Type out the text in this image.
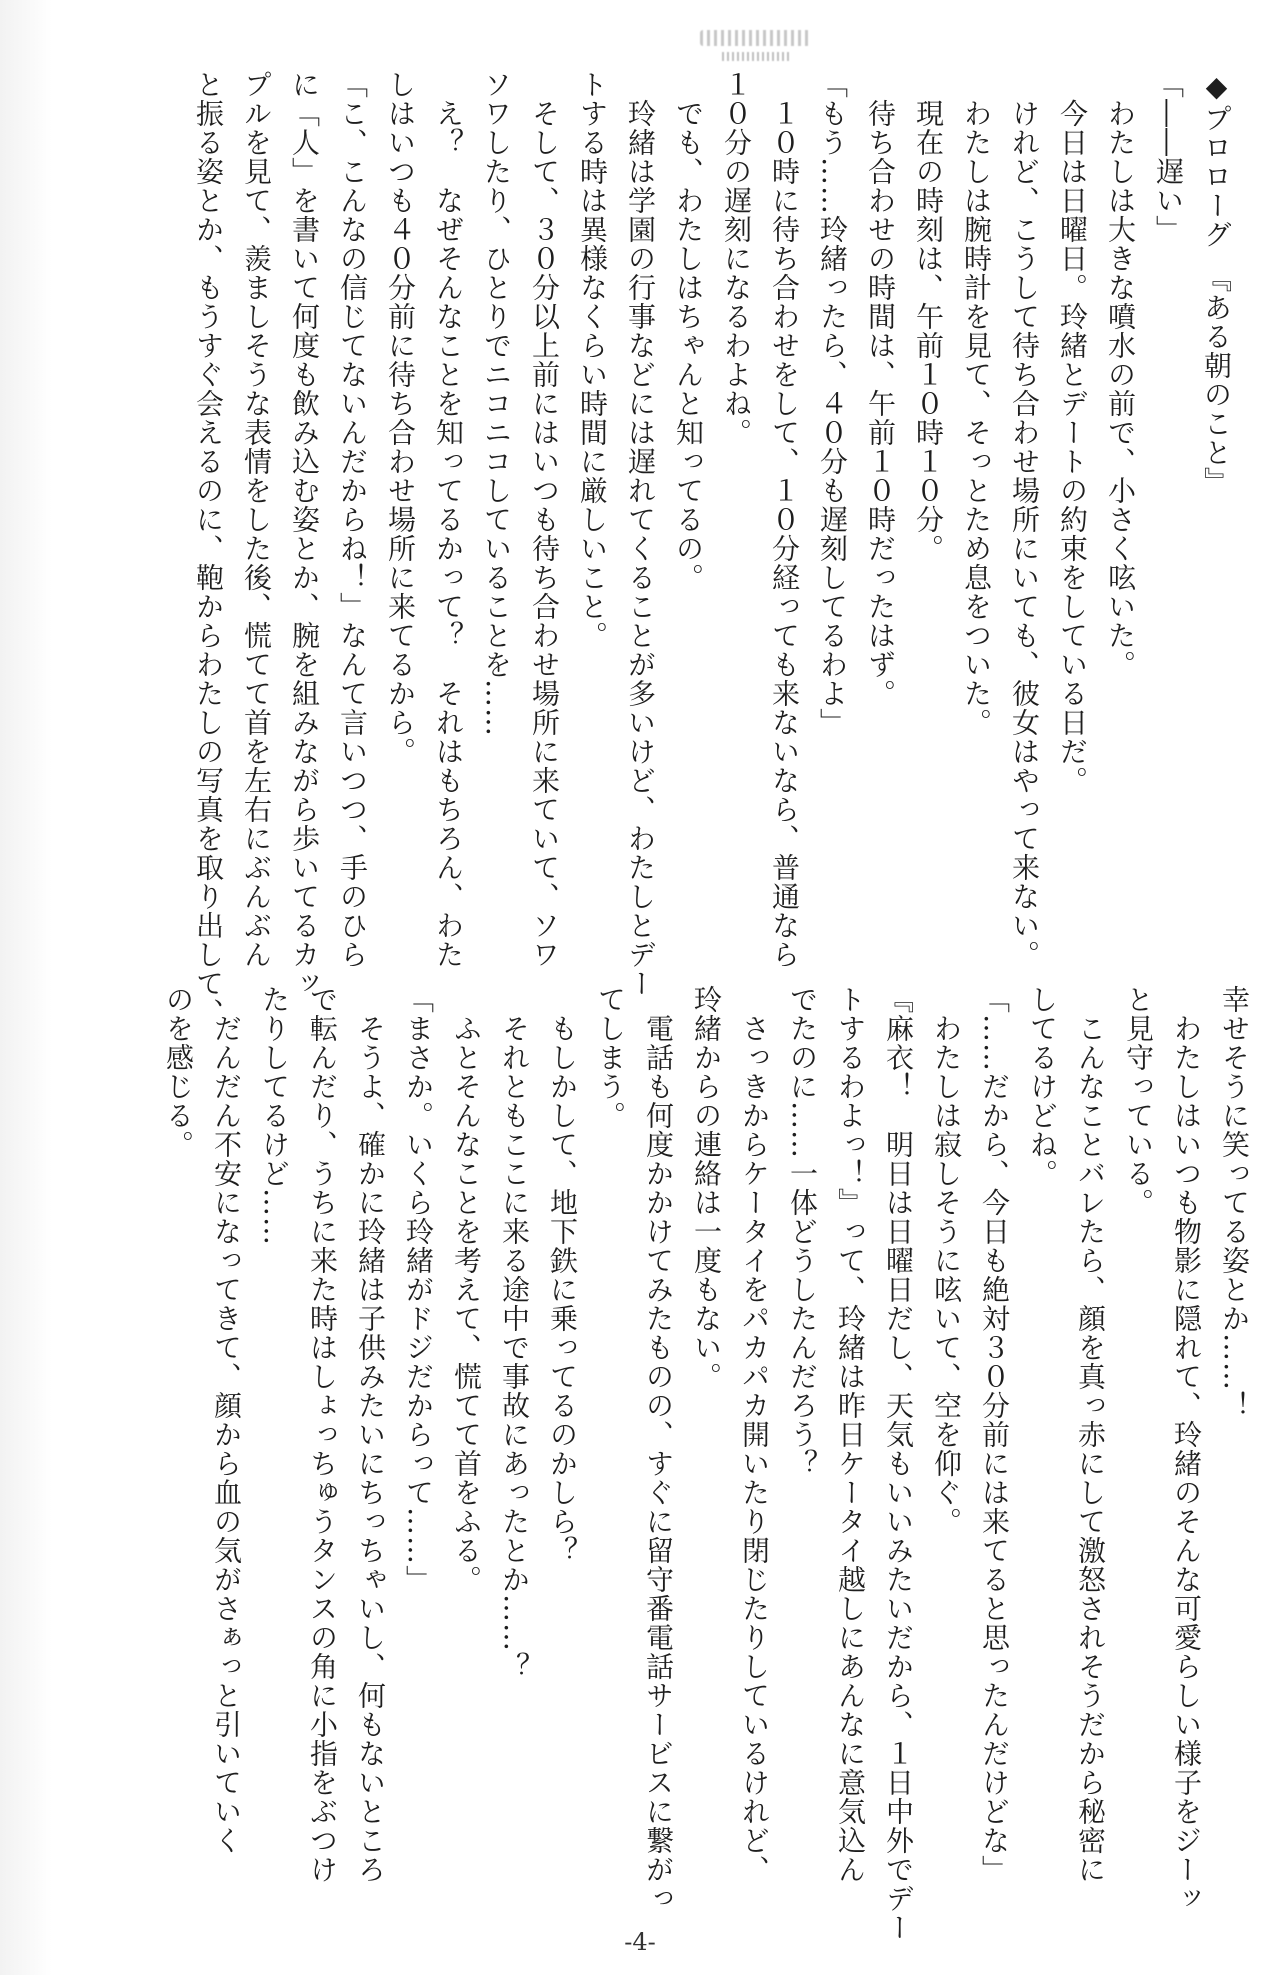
◆プロローグ　『ある朝のこと』
「――遅い」
　わたしは大きな噴水の前で、小さく呟いた。
　今日は日曜日。玲緒とデートの約束をしている日だ。
　けれど、こうして待ち合わせ場所にいても、彼女はやって来ない。
　わたしは腕時計を見て、そっとため息をついた。
　現在の時刻は、午前１０時１０分。
　待ち合わせの時間は、午前１０時だったはず。
「もう……玲緒ったら、４０分も遅刻してるわよ」
　１０時に待ち合わせをして、１０分経っても来ないなら、普通なら
１０分の遅刻になるわよね。
　でも、わたしはちゃんと知ってるの。
　玲緒は学園の行事などには遅れてくることが多いけど、わたしとデー
トする時は異様なくらい時間に厳しいこと。
　そして、３０分以上前にはいつも待ち合わせ場所に来ていて、ソワ
ソワしたり、ひとりでニコニコしていることを……
　え？　なぜそんなことを知ってるかって？　それはもちろん、わた
しはいつも４０分前に待ち合わせ場所に来てるから。
「こ、こんなの信じてないんだからね！」なんて言いつつ、手のひら
に「人」を書いて何度も飲み込む姿とか、腕を組みながら歩いてるカッ
プルを見て、羨ましそうな表情をした後、慌てて首を左右にぶんぶん
と振る姿とか、もうすぐ会えるのに、鞄からわたしの写真を取り出して、
幸せそうに笑ってる姿とか……！
　わたしはいつも物影に隠れて、玲緒のそんな可愛らしい様子をジーッ
と見守っている。
　こんなことバレたら、顔を真っ赤にして激怒されそうだから秘密に
してるけどね。
「……だから、今日も絶対３０分前には来てると思ったんだけどな」
　わたしは寂しそうに呟いて、空を仰ぐ。
『麻衣！　明日は日曜日だし、天気もいいみたいだから、１日中外でデー
トするわよっ！』って、玲緒は昨日ケータイ越しにあんなに意気込ん
でたのに……一体どうしたんだろう？
　さっきからケータイをパカパカ開いたり閉じたりしているけれど、
玲緒からの連絡は一度もない。
　電話も何度かかけてみたものの、すぐに留守番電話サービスに繋がっ
てしまう。
　もしかして、地下鉄に乗ってるのかしら？
　それともここに来る途中で事故にあったとか……？
　ふとそんなことを考えて、慌てて首をふる。
「まさか。いくら玲緒がドジだからって……」
　そうよ、確かに玲緒は子供みたいにちっちゃいし、何もないところ
で転んだり、うちに来た時はしょっちゅうタンスの角に小指をぶつけ
たりしてるけど……
　だんだん不安になってきて、顔から血の気がさぁっと引いていく
のを感じる。
-4-
